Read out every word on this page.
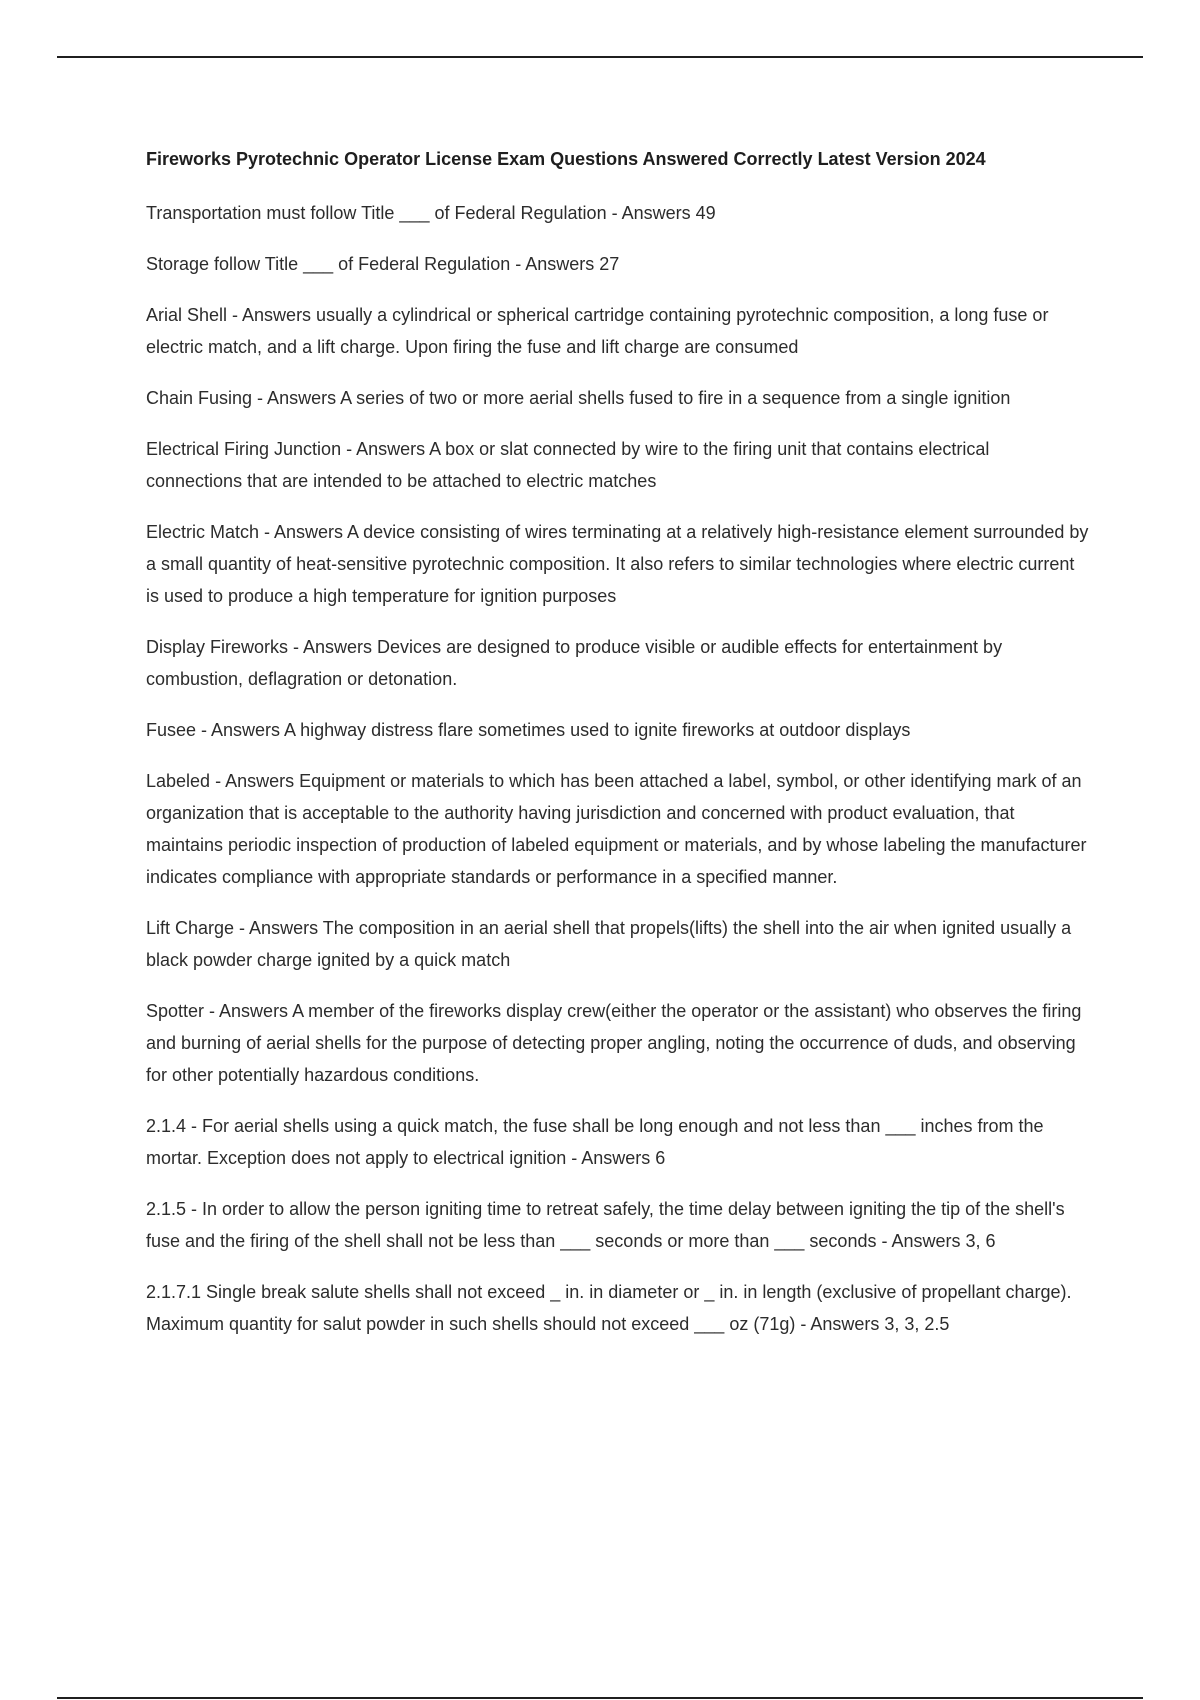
Fireworks Pyrotechnic Operator License Exam Questions Answered Correctly Latest Version 2024

Transportation must follow Title ___ of Federal Regulation - Answers 49

Storage follow Title ___ of Federal Regulation - Answers 27

Arial Shell - Answers usually a cylindrical or spherical cartridge containing pyrotechnic composition, a long fuse or electric match, and a lift charge. Upon firing the fuse and lift charge are consumed

Chain Fusing - Answers A series of two or more aerial shells fused to fire in a sequence from a single ignition

Electrical Firing Junction - Answers A box or slat connected by wire to the firing unit that contains electrical connections that are intended to be attached to electric matches

Electric Match - Answers A device consisting of wires terminating at a relatively high-resistance element surrounded by a small quantity of heat-sensitive pyrotechnic composition. It also refers to similar technologies where electric current is used to produce a high temperature for ignition purposes

Display Fireworks - Answers Devices are designed to produce visible or audible effects for entertainment by combustion, deflagration or detonation.

Fusee - Answers A highway distress flare sometimes used to ignite fireworks at outdoor displays

Labeled - Answers Equipment or materials to which has been attached a label, symbol, or other identifying mark of an organization that is acceptable to the authority having jurisdiction and concerned with product evaluation, that maintains periodic inspection of production of labeled equipment or materials, and by whose labeling the manufacturer indicates compliance with appropriate standards or performance in a specified manner.

Lift Charge - Answers The composition in an aerial shell that propels(lifts) the shell into the air when ignited usually a black powder charge ignited by a quick match

Spotter - Answers A member of the fireworks display crew(either the operator or the assistant) who observes the firing and burning of aerial shells for the purpose of detecting proper angling, noting the occurrence of duds, and observing for other potentially hazardous conditions.

2.1.4 - For aerial shells using a quick match, the fuse shall be long enough and not less than ___ inches from the mortar. Exception does not apply to electrical ignition - Answers 6

2.1.5 - In order to allow the person igniting time to retreat safely, the time delay between igniting the tip of the shell's fuse and the firing of the shell shall not be less than ___ seconds or more than ___ seconds - Answers 3, 6

2.1.7.1 Single break salute shells shall not exceed _ in. in diameter or _ in. in length (exclusive of propellant charge). Maximum quantity for salut powder in such shells should not exceed ___ oz (71g) - Answers 3, 3, 2.5
